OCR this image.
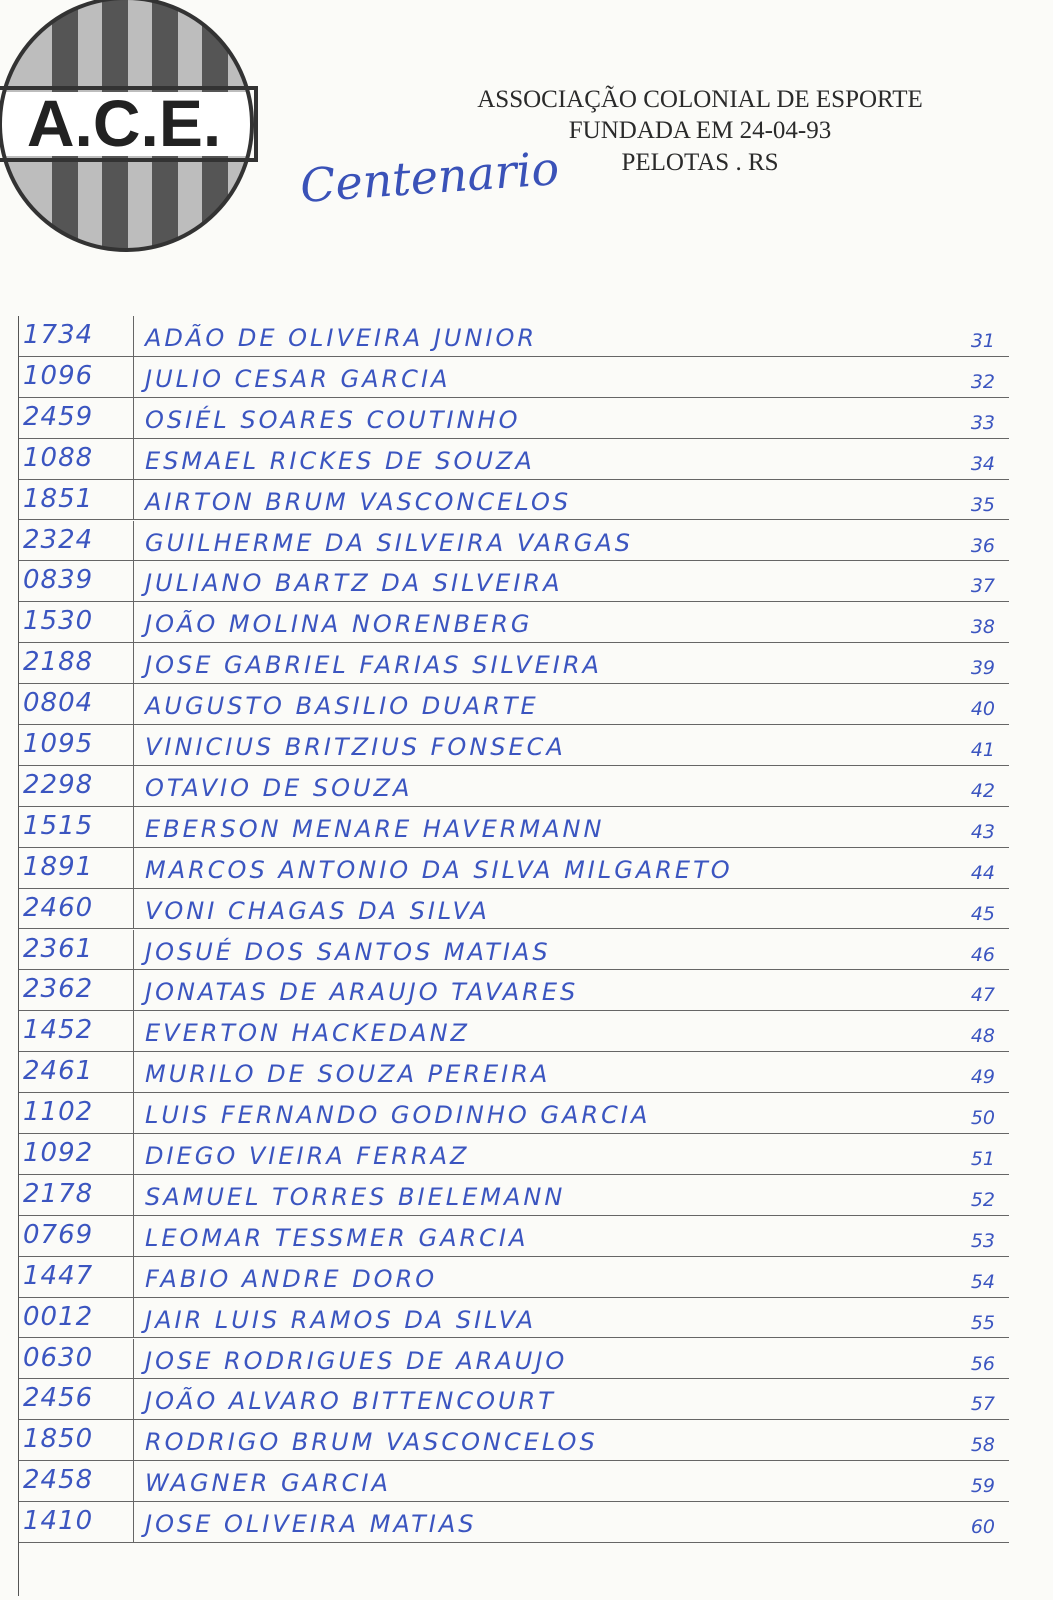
A.C.E.	ASSOCIAÇÃO COLONIAL DE ESPORTE
FUNDADA EM 24-04-93
PELOTAS . RS
Centenario
1734	ADÃO DE OLIVEIRA JUNIOR	31
1096	JULIO CESAR GARCIA	32
2459	OSIÉL SOARES COUTINHO	33
1088	ESMAEL RICKES DE SOUZA	34
1851	AIRTON BRUM VASCONCELOS	35
2324	GUILHERME DA SILVEIRA VARGAS	36
0839	JULIANO BARTZ DA SILVEIRA	37
1530	JOÃO MOLINA NORENBERG	38
2188	JOSE GABRIEL FARIAS SILVEIRA	39
0804	AUGUSTO BASILIO DUARTE	40
1095	VINICIUS BRITZIUS FONSECA	41
2298	OTAVIO DE SOUZA	42
1515	EBERSON MENARE HAVERMANN	43
1891	MARCOS ANTONIO DA SILVA MILGARETO	44
2460	VONI CHAGAS DA SILVA	45
2361	JOSUÉ DOS SANTOS MATIAS	46
2362	JONATAS DE ARAUJO TAVARES	47
1452	EVERTON HACKEDANZ	48
2461	MURILO DE SOUZA PEREIRA	49
1102	LUIS FERNANDO GODINHO GARCIA	50
1092	DIEGO VIEIRA FERRAZ	51
2178	SAMUEL TORRES BIELEMANN	52
0769	LEOMAR TESSMER GARCIA	53
1447	FABIO ANDRE DORO	54
0012	JAIR LUIS RAMOS DA SILVA	55
0630	JOSE RODRIGUES DE ARAUJO	56
2456	JOÃO ALVARO BITTENCOURT	57
1850	RODRIGO BRUM VASCONCELOS	58
2458	WAGNER GARCIA	59
1410	JOSE OLIVEIRA MATIAS	60
